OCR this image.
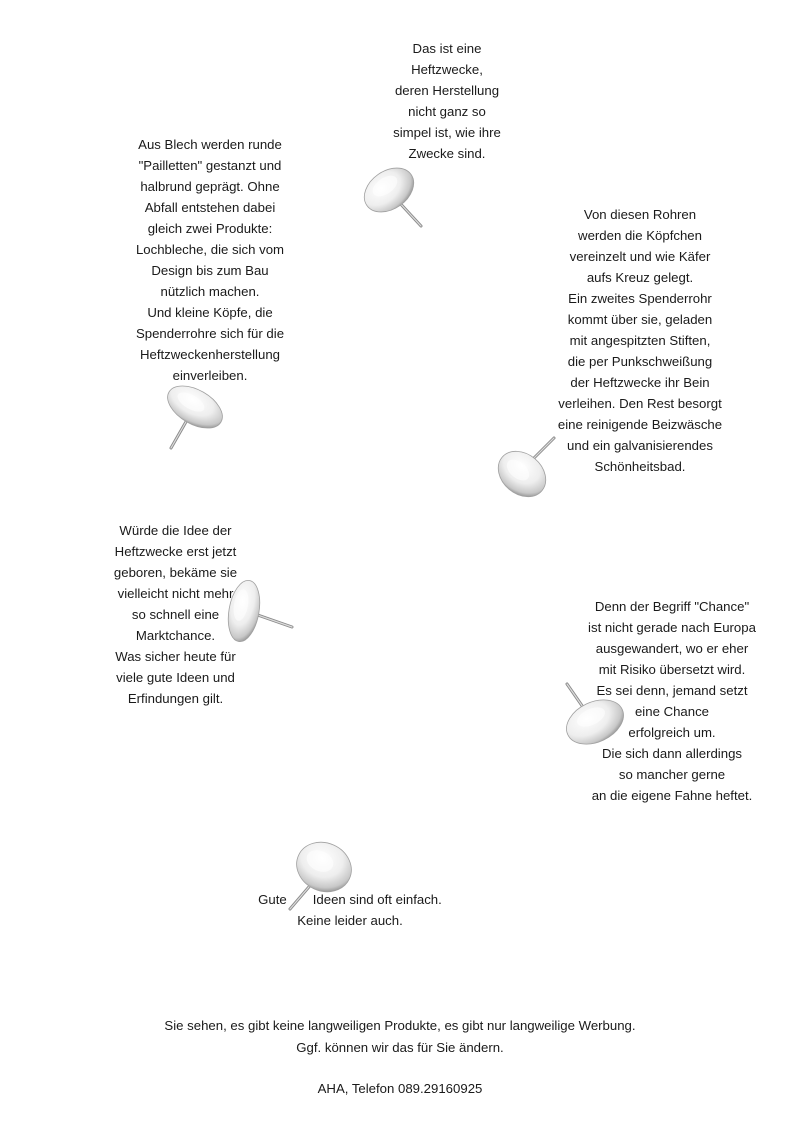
Das ist eine
Heftzwecke,
deren Herstellung
nicht ganz so
simpel ist, wie ihre
Zwecke sind.
Aus Blech werden runde
"Pailletten" gestanzt und
halbrund geprägt. Ohne
Abfall entstehen dabei
gleich zwei Produkte:
Lochbleche, die sich vom
Design bis zum Bau
nützlich machen.
Und kleine Köpfe, die
Spenderrohre sich für die
Heftzweckenherstellung
einverleiben.
Von diesen Rohren
werden die Köpfchen
vereinzelt und wie Käfer
aufs Kreuz gelegt.
Ein zweites Spenderrohr
kommt über sie, geladen
mit angespitzten Stiften,
die per Punkschweißung
der Heftzwecke ihr Bein
verleihen. Den Rest besorgt
eine reinigende Beizwäsche
und ein galvanisierendes
Schönheitsbad.
Würde die Idee der
Heftzwecke erst jetzt
geboren, bekäme sie
vielleicht nicht mehr
so schnell eine
Marktchance.
Was sicher heute für
viele gute Ideen und
Erfindungen gilt.
Denn der Begriff "Chance"
ist nicht gerade nach Europa
ausgewandert, wo er eher
mit Risiko übersetzt wird.
Es sei denn, jemand setzt
eine Chance
erfolgreich um.
Die sich dann allerdings
so mancher gerne
an die eigene Fahne heftet.
Gute Ideen sind oft einfach.
Keine leider auch.
Sie sehen, es gibt keine langweiligen Produkte, es gibt nur langweilige Werbung.
Ggf. können wir das für Sie ändern.
AHA, Telefon 089.29160925
